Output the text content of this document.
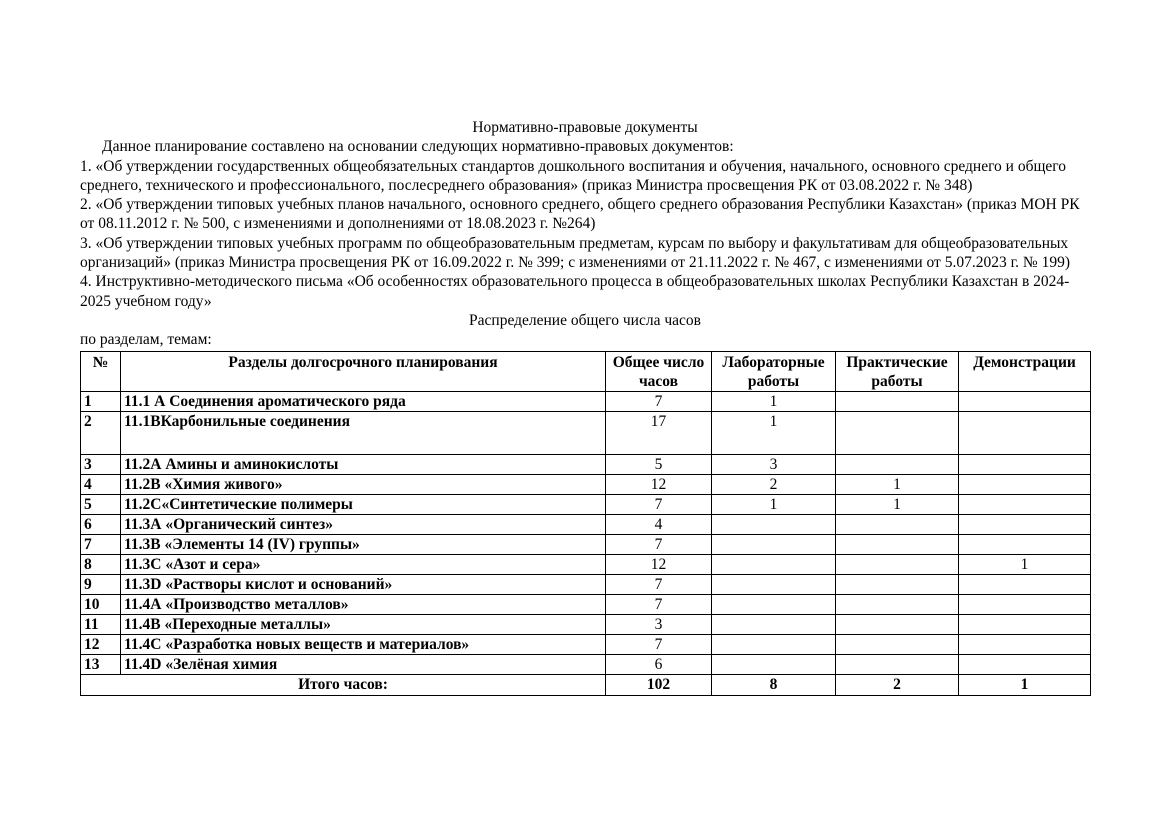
Нормативно-правовые документы

Данное планирование составлено на основании следующих нормативно-правовых документов:

1. «Об утверждении государственных общеобязательных стандартов дошкольного воспитания и обучения, начального, основного среднего и общего среднего, технического и профессионального, послесреднего образования» (приказ Министра просвещения РК от 03.08.2022 г. № 348)

2. «Об утверждении типовых учебных планов начального, основного среднего, общего среднего образования Республики Казахстан» (приказ МОН РК от 08.11.2012 г. № 500, с изменениями и дополнениями от 18.08.2023 г. №264)

3. «Об утверждении типовых учебных программ по общеобразовательным предметам, курсам по выбору и факультативам для общеобразовательных организаций» (приказ Министра просвещения РК от 16.09.2022 г. № 399; с изменениями от 21.11.2022 г. № 467, с изменениями от 5.07.2023 г. № 199)

4. Инструктивно-методического письма «Об особенностях образовательного процесса в общеобразовательных школах Республики Казахстан в 2024-2025 учебном году»

Распределение общего числа часов
по разделам, темам:
№	Разделы долгосрочного планирования	Общее число часов	Лабораторные работы	Практические работы	Демонстрации
1	11.1 А Соединения ароматического ряда	7	1		
2	11.1ВКарбонильные соединения	17	1		
3	11.2А Амины и аминокислоты	5	3		
4	11.2В «Химия живого»	12	2	1	
5	11.2С«Синтетические полимеры	7	1	1	
6	11.3А «Органический синтез»	4			
7	11.3В «Элементы 14 (IV) группы»	7			
8	11.3С «Азот и сера»	12			1
9	11.3D «Растворы кислот и оснований»	7			
10	11.4А «Производство металлов»	7			
11	11.4В «Переходные металлы»	3			
12	11.4С «Разработка новых веществ и материалов»	7			
13	11.4D «Зелёная химия	6			
Итого часов:		102	8	2	1
